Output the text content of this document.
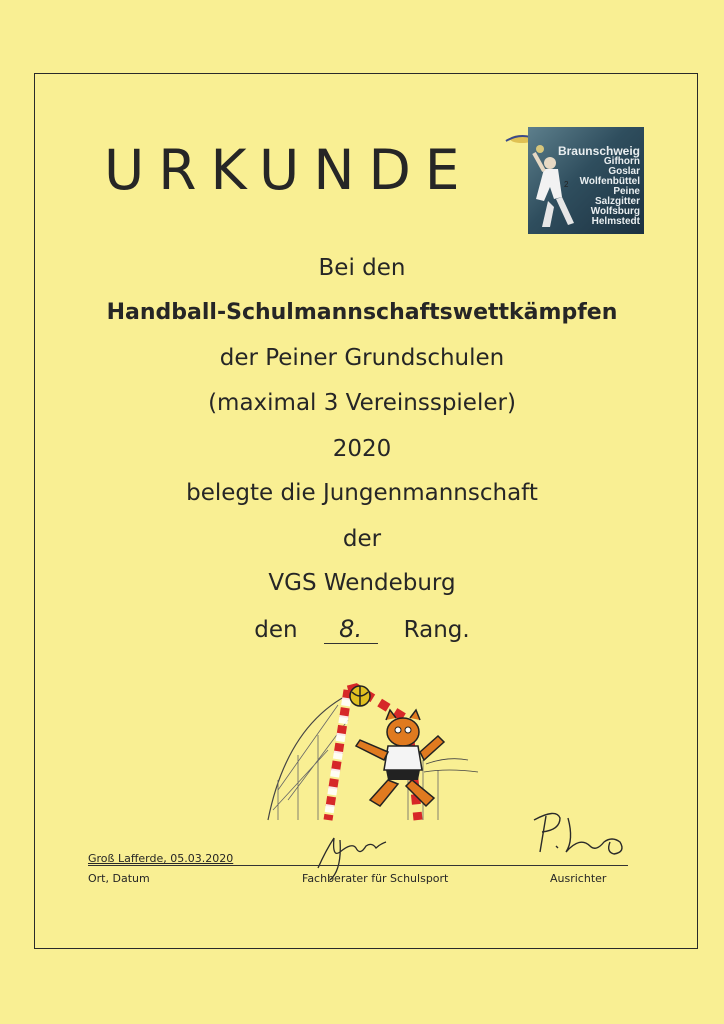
URKUNDE	2
Braunschweig
Gifhorn
Goslar
Wolfenbüttel
Peine
Salzgitter
Wolfsburg
Helmstedt
Bei den
Handball-Schulmannschaftswettkämpfen
der Peiner Grundschulen
(maximal 3 Vereinsspieler)
2020
belegte die Jungenmannschaft
der
VGS Wendeburg
den 8. Rang.
Groß Lafferde, 05.03.2020
Ort, Datum	Fachberater für Schulsport	Ausrichter
